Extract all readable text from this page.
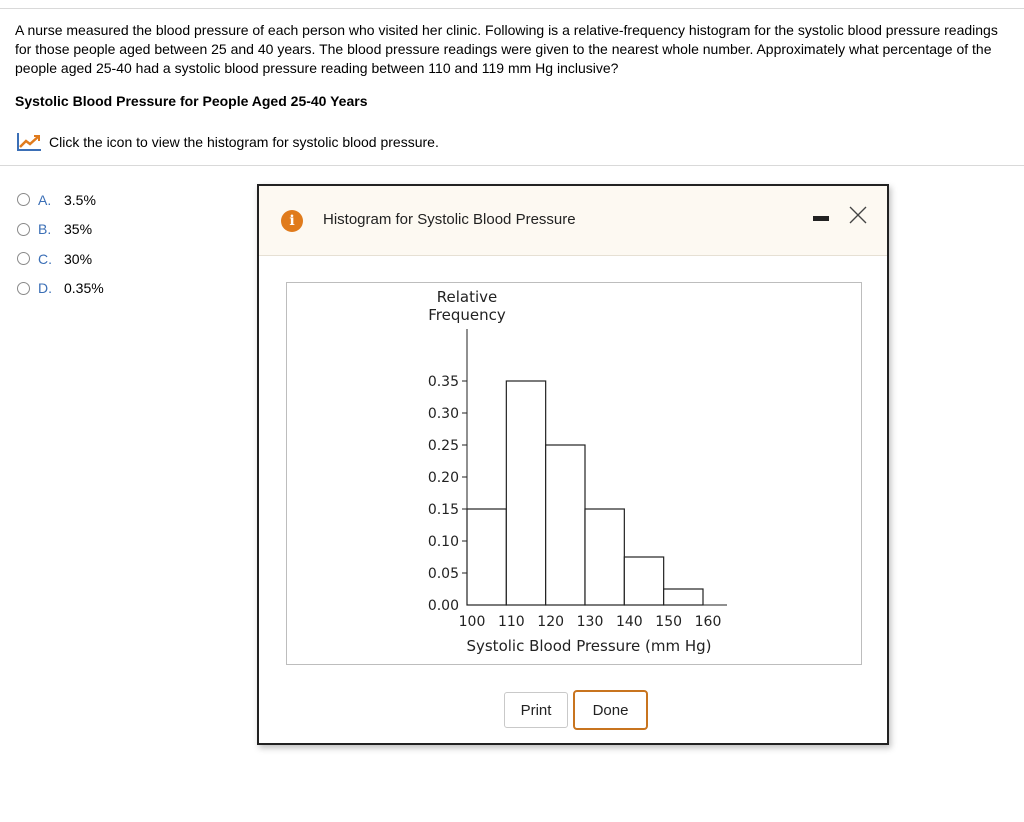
A nurse measured the blood pressure of each person who visited her clinic. Following is a relative-frequency histogram for the systolic blood pressure readings for those people aged between 25 and 40 years. The blood pressure readings were given to the nearest whole number. Approximately what percentage of the people aged 25-40 had a systolic blood pressure reading between 110 and 119 mm Hg inclusive?
Systolic Blood Pressure for People Aged 25-40 Years
Click the icon to view the histogram for systolic blood pressure.
A. 3.5%
B. 35%
C. 30%
D. 0.35%
i	Histogram for Systolic Blood Pressure
Relative
Frequency
0.00
0.05
0.10
0.15
0.20
0.25
0.30
0.35
100 110 120 130 140 150 160
Systolic Blood Pressure (mm Hg)
Print	Done
